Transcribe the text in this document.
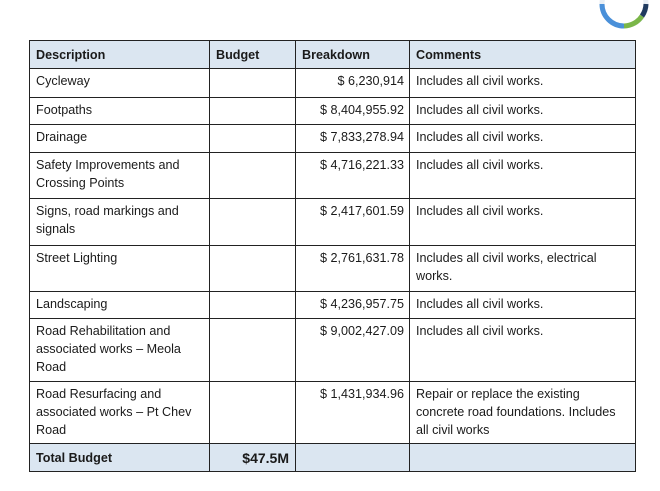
Description	Budget	Breakdown	Comments
Cycleway		$ 6,230,914	Includes all civil works.
Footpaths		$ 8,404,955.92	Includes all civil works.
Drainage		$ 7,833,278.94	Includes all civil works.
Safety Improvements and Crossing Points		$ 4,716,221.33	Includes all civil works.
Signs, road markings and signals		$ 2,417,601.59	Includes all civil works.
Street Lighting		$ 2,761,631.78	Includes all civil works, electrical works.
Landscaping		$ 4,236,957.75	Includes all civil works.
Road Rehabilitation and associated works – Meola Road		$ 9,002,427.09	Includes all civil works.
Road Resurfacing and associated works – Pt Chev Road		$ 1,431,934.96	Repair or replace the existing concrete road foundations. Includes all civil works
Total Budget	$47.5M		
